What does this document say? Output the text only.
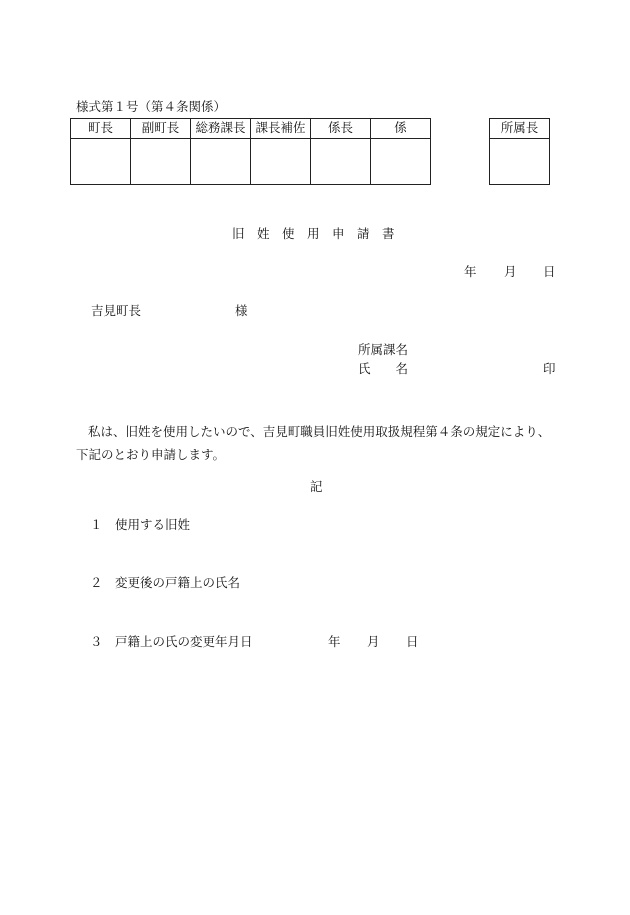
様式第１号（第４条関係）
町長	副町長	総務課長	課長補佐	係長	係
						所属長

旧 姓 使 用 申 請 書
年 月 日
吉見町長	様
所属課名
氏　　名	印
私は、旧姓を使用したいので、吉見町職員旧姓使用取扱規程第４条の規定により、下記のとおり申請します。
記
１ 使用する旧姓
２ 変更後の戸籍上の氏名
３ 戸籍上の氏の変更年月日	年 月 日
